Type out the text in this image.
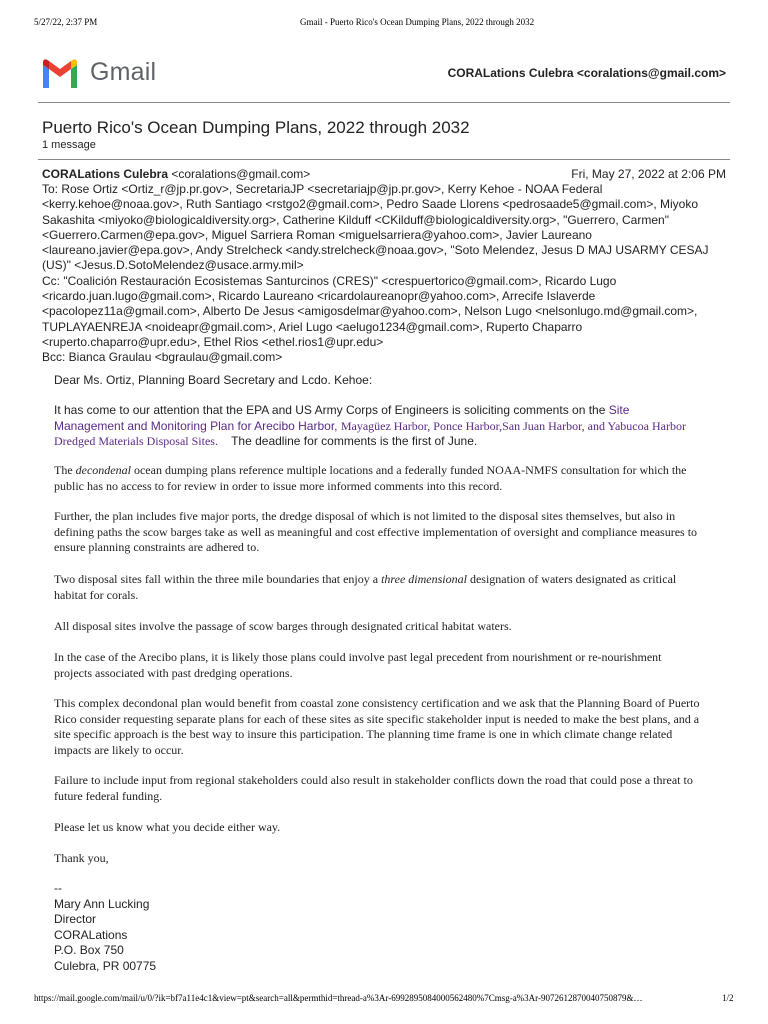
5/27/22, 2:37 PM	Gmail - Puerto Rico's Ocean Dumping Plans, 2022 through 2032
Gmail	CORALations Culebra <coralations@gmail.com>
Puerto Rico's Ocean Dumping Plans, 2022 through 2032
1 message
CORALations Culebra <coralations@gmail.com>	Fri, May 27, 2022 at 2:06 PM
To: Rose Ortiz <Ortiz_r@jp.pr.gov>, SecretariaJP <secretariajp@jp.pr.gov>, Kerry Kehoe - NOAA Federal
<kerry.kehoe@noaa.gov>, Ruth Santiago <rstgo2@gmail.com>, Pedro Saade Llorens <pedrosaade5@gmail.com>, Miyoko
Sakashita <miyoko@biologicaldiversity.org>, Catherine Kilduff <CKilduff@biologicaldiversity.org>, "Guerrero, Carmen"
<Guerrero.Carmen@epa.gov>, Miguel Sarriera Roman <miguelsarriera@yahoo.com>, Javier Laureano
<laureano.javier@epa.gov>, Andy Strelcheck <andy.strelcheck@noaa.gov>, "Soto Melendez, Jesus D MAJ USARMY CESAJ
(US)" <Jesus.D.SotoMelendez@usace.army.mil>
Cc: "Coalición Restauración Ecosistemas Santurcinos (CRES)" <crespuertorico@gmail.com>, Ricardo Lugo
<ricardo.juan.lugo@gmail.com>, Ricardo Laureano <ricardolaureanopr@yahoo.com>, Arrecife Islaverde
<pacolopez11a@gmail.com>, Alberto De Jesus <amigosdelmar@yahoo.com>, Nelson Lugo <nelsonlugo.md@gmail.com>,
TUPLAYAENREJA <noideapr@gmail.com>, Ariel Lugo <aelugo1234@gmail.com>, Ruperto Chaparro
<ruperto.chaparro@upr.edu>, Ethel Rios <ethel.rios1@upr.edu>
Bcc: Bianca Graulau <bgraulau@gmail.com>
Dear Ms. Ortiz, Planning Board Secretary and Lcdo. Kehoe:
It has come to our attention that the EPA and US Army Corps of Engineers is soliciting comments on the Site
Management and Monitoring Plan for Arecibo Harbor, Mayagüez Harbor, Ponce Harbor,San Juan Harbor, and Yabucoa Harbor
Dredged Materials Disposal Sites.    The deadline for comments is the first of June.
The decondenal ocean dumping plans reference multiple locations and a federally funded NOAA-NMFS consultation for which the
public has no access to for review in order to issue more informed comments into this record.
Further, the plan includes five major ports, the dredge disposal of which is not limited to the disposal sites themselves, but also in
defining paths the scow barges take as well as meaningful and cost effective implementation of oversight and compliance measures to
ensure planning constraints are adhered to.
Two disposal sites fall within the three mile boundaries that enjoy a three dimensional designation of waters designated as critical
habitat for corals.
All disposal sites involve the passage of scow barges through designated critical habitat waters.
In the case of the Arecibo plans, it is likely those plans could involve past legal precedent from nourishment or re-nourishment
projects associated with past dredging operations.
This complex decondonal plan would benefit from coastal zone consistency certification and we ask that the Planning Board of Puerto
Rico consider requesting separate plans for each of these sites as site specific stakeholder input is needed to make the best plans, and a
site specific approach is the best way to insure this participation. The planning time frame is one in which climate change related
impacts are likely to occur.
Failure to include input from regional stakeholders could also result in stakeholder conflicts down the road that could pose a threat to
future federal funding.
Please let us know what you decide either way.
Thank you,
--
Mary Ann Lucking
Director
CORALations
P.O. Box 750
Culebra, PR 00775
https://mail.google.com/mail/u/0/?ik=bf7a11e4c1&view=pt&search=all&permthid=thread-a%3Ar-6992895084000562480%7Cmsg-a%3Ar-9072612870040750879&…	1/2
